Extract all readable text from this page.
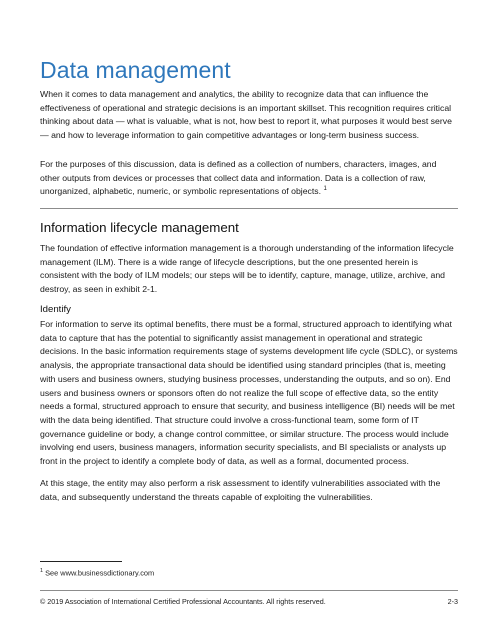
Data management

When it comes to data management and analytics, the ability to recognize data that can influence the effectiveness of operational and strategic decisions is an important skillset. This recognition requires critical thinking about data — what is valuable, what is not, how best to report it, what purposes it would best serve — and how to leverage information to gain competitive advantages or long-term business success.

For the purposes of this discussion, data is defined as a collection of numbers, characters, images, and other outputs from devices or processes that collect data and information. Data is a collection of raw, unorganized, alphabetic, numeric, or symbolic representations of objects. $^1$

Information lifecycle management

The foundation of effective information management is a thorough understanding of the information lifecycle management (ILM). There is a wide range of lifecycle descriptions, but the one presented herein is consistent with the body of ILM models; our steps will be to identify, capture, manage, utilize, archive, and destroy, as seen in exhibit 2-1.

Identify

For information to serve its optimal benefits, there must be a formal, structured approach to identifying what data to capture that has the potential to significantly assist management in operational and strategic decisions. In the basic information requirements stage of systems development life cycle (SDLC), or systems analysis, the appropriate transactional data should be identified using standard principles (that is, meeting with users and business owners, studying business processes, understanding the outputs, and so on). End users and business owners or sponsors often do not realize the full scope of effective data, so the entity needs a formal, structured approach to ensure that security, and business intelligence (BI) needs will be met with the data being identified. That structure could involve a cross-functional team, some form of IT governance guideline or body, a change control committee, or similar structure. The process would include involving end users, business managers, information security specialists, and BI specialists or analysts up front in the project to identify a complete body of data, as well as a formal, documented process.

At this stage, the entity may also perform a risk assessment to identify vulnerabilities associated with the data, and subsequently understand the threats capable of exploiting the vulnerabilities.

$^1$ See www.businessdictionary.com
© 2019 Association of International Certified Professional Accountants. All rights reserved.	2-3
